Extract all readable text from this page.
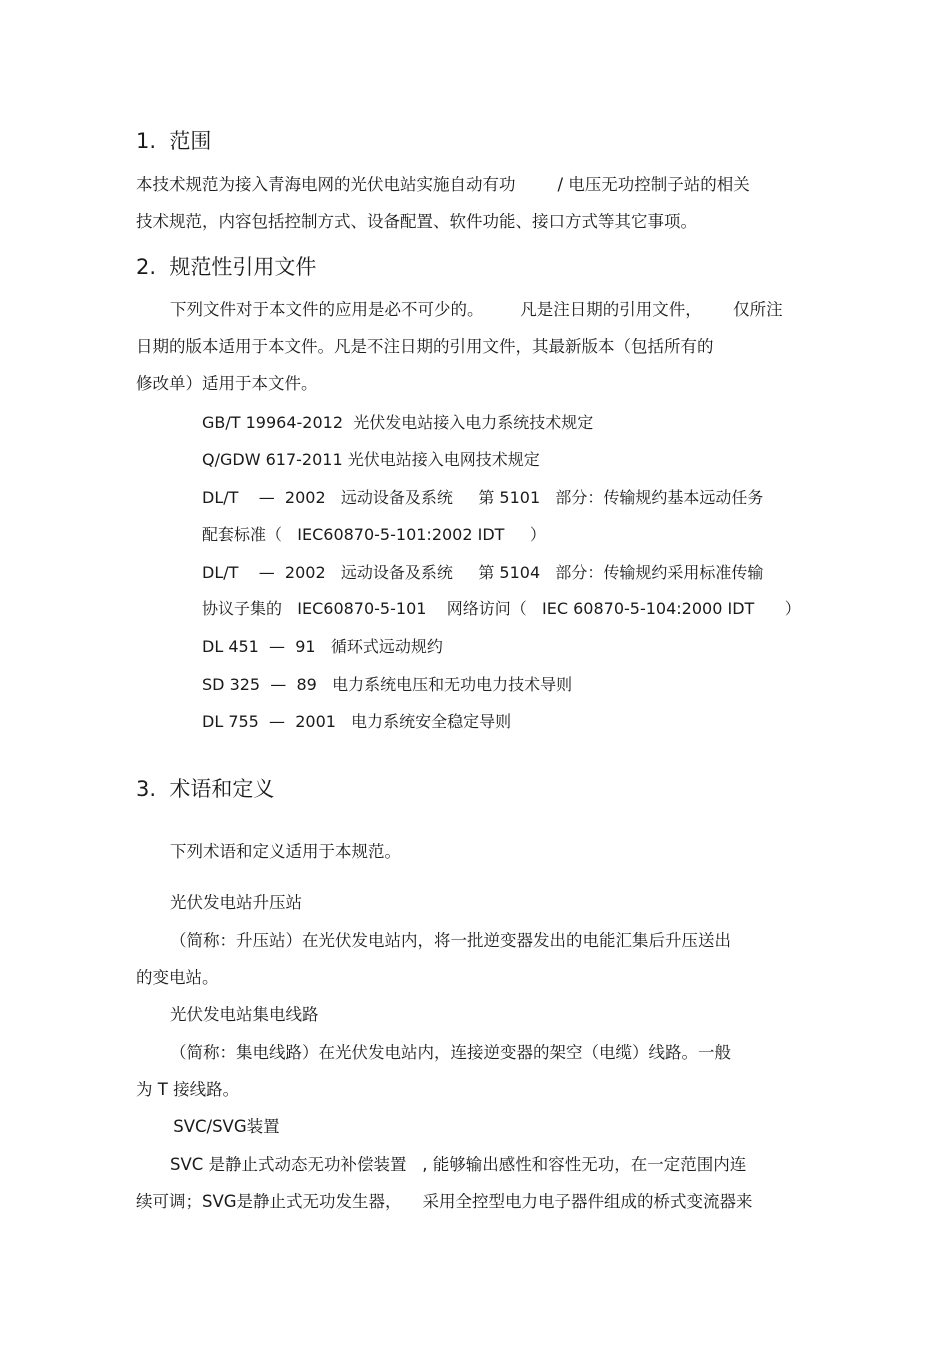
1.  范围
本技术规范为接入青海电网的光伏电站实施自动有功        / 电压无功控制子站的相关
技术规范，内容包括控制方式、设备配置、软件功能、接口方式等其它事项。
2.  规范性引用文件
下列文件对于本文件的应用是必不可少的。       凡是注日期的引用文件，      仅所注
日期的版本适用于本文件。凡是不注日期的引用文件，其最新版本（包括所有的
修改单）适用于本文件。
GB/T 19964-2012  光伏发电站接入电力系统技术规定
Q/GDW 617-2011 光伏电站接入电网技术规定
DL/T    —  2002   远动设备及系统     第 5101   部分：传输规约基本远动任务
配套标准（   IEC60870-5-101:2002 IDT     ）
DL/T    —  2002   远动设备及系统     第 5104   部分：传输规约采用标准传输
协议子集的   IEC60870-5-101    网络访问（   IEC 60870-5-104:2000 IDT      ）
DL 451  —  91   循环式远动规约
SD 325  —  89   电力系统电压和无功电力技术导则
DL 755  —  2001   电力系统安全稳定导则
3.  术语和定义
下列术语和定义适用于本规范。
光伏发电站升压站
（简称：升压站）在光伏发电站内，将一批逆变器发出的电能汇集后升压送出
的变电站。
光伏发电站集电线路
（简称：集电线路）在光伏发电站内，连接逆变器的架空（电缆）线路。一般
为 T 接线路。
SVC/SVG装置
SVC 是静止式动态无功补偿装置   , 能够输出感性和容性无功，在一定范围内连
续可调；SVG是静止式无功发生器，    采用全控型电力电子器件组成的桥式变流器来
